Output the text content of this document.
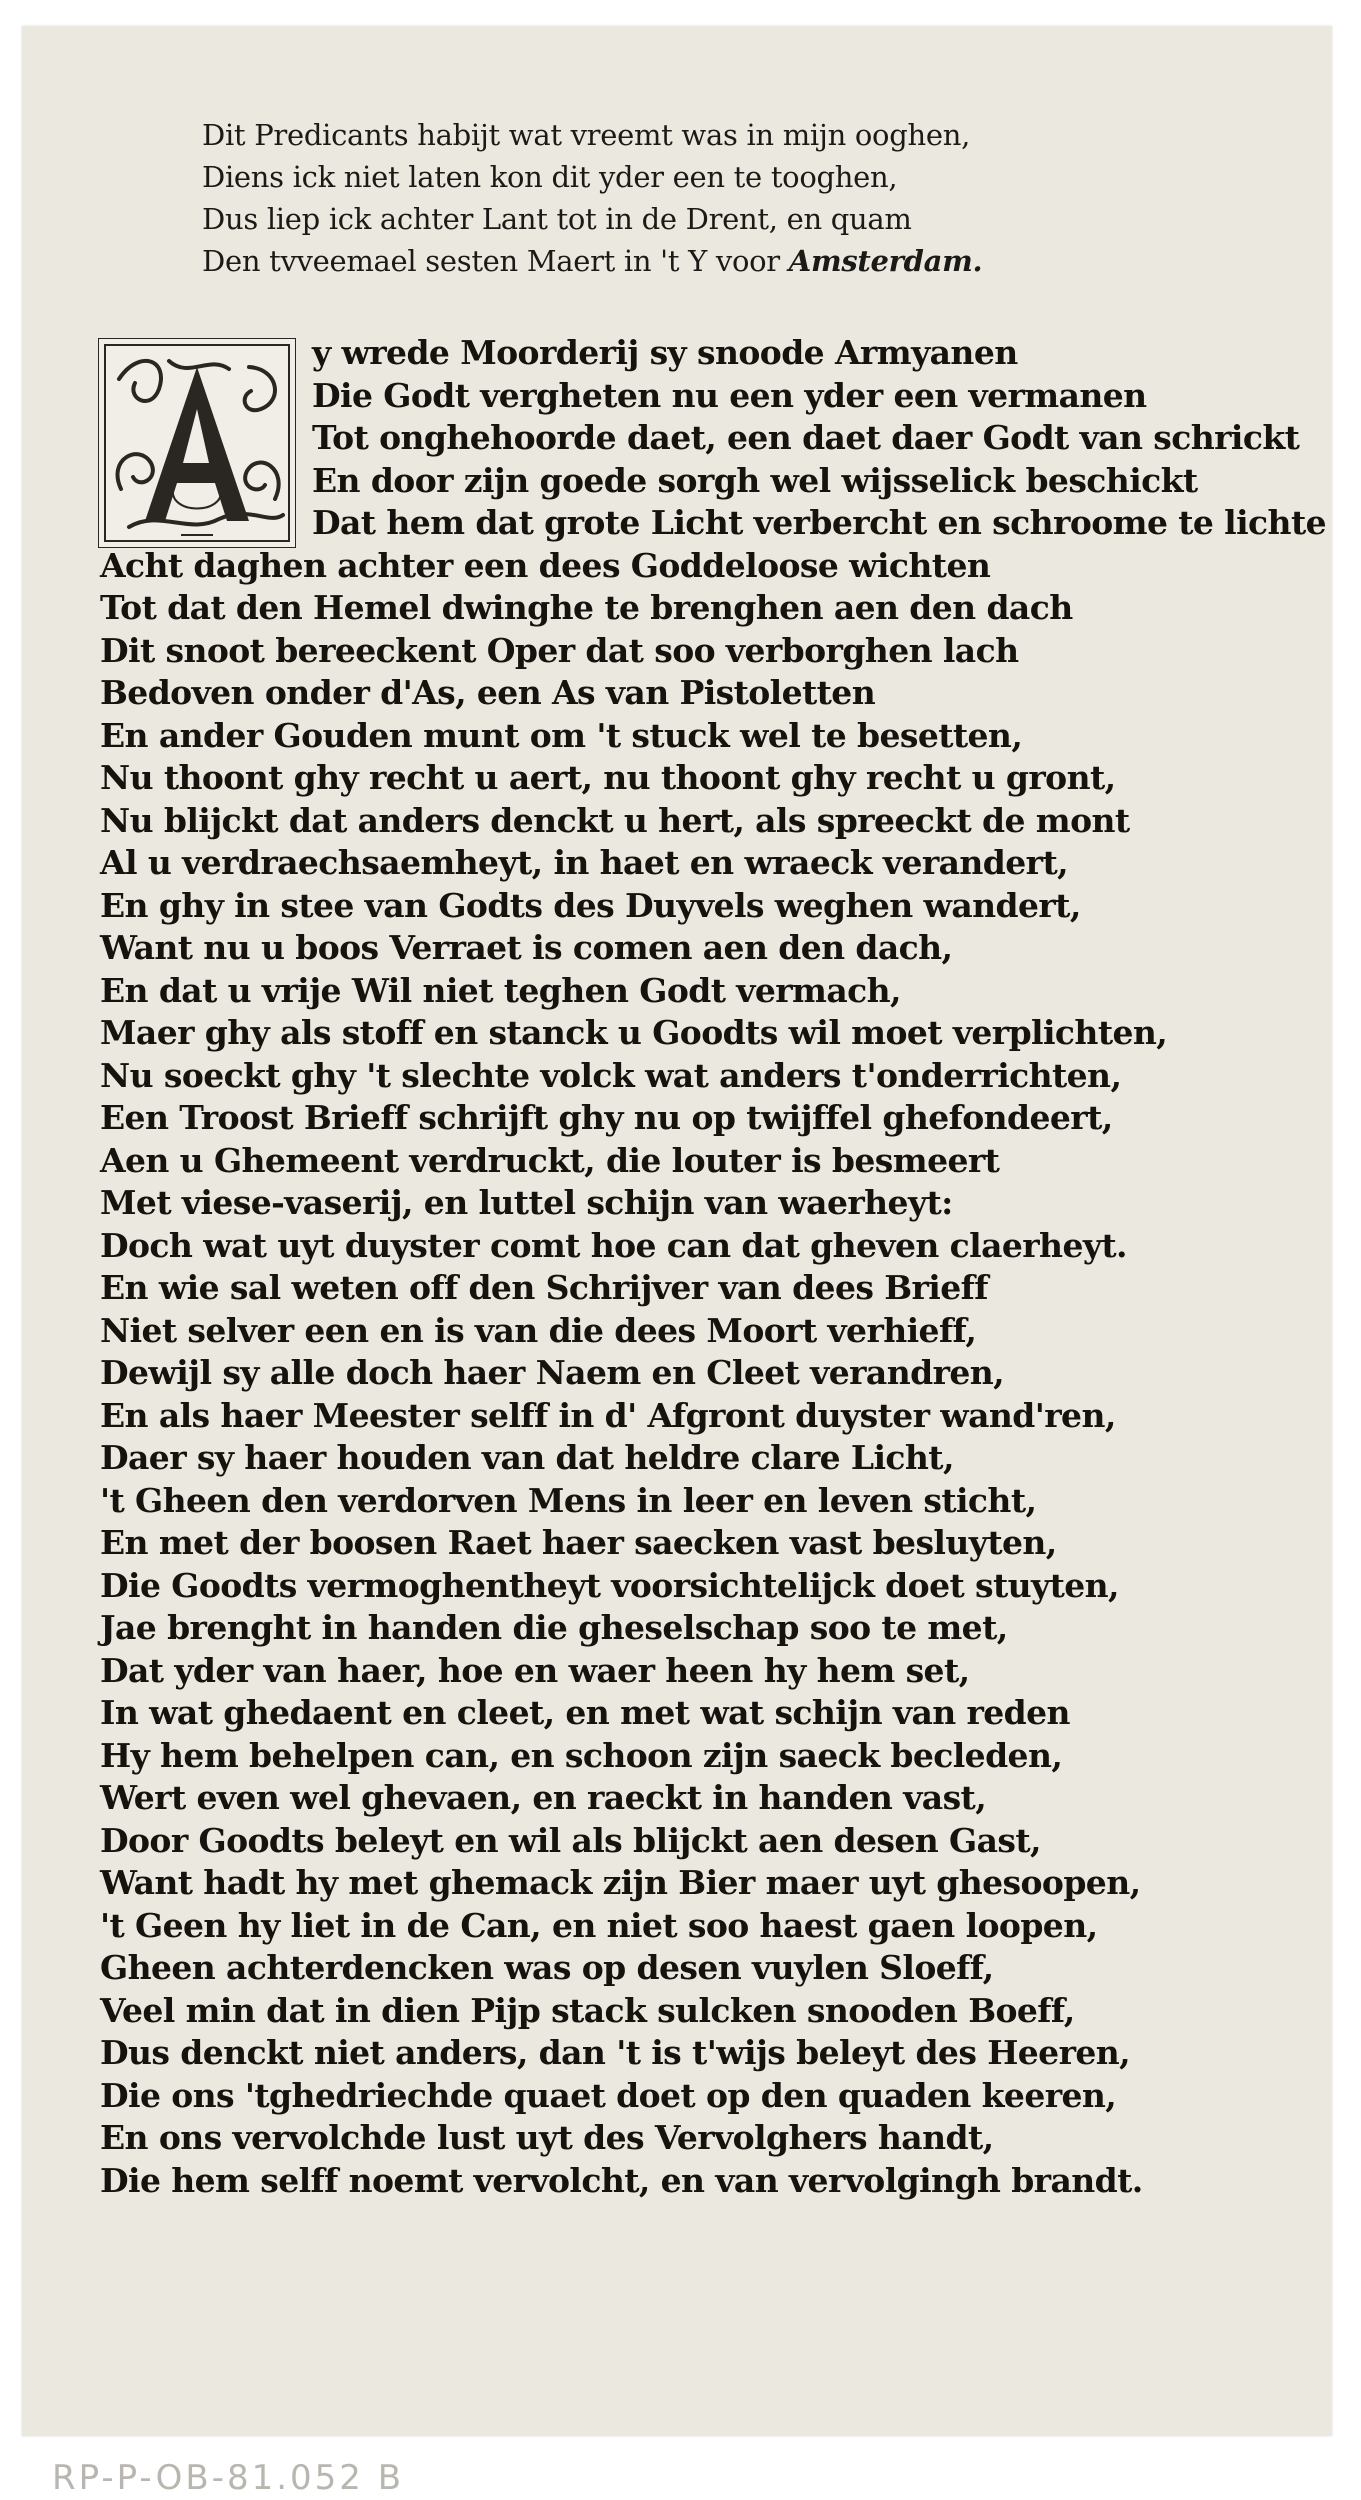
Dit Predicants habijt wat vreemt was in mijn ooghen,
Diens ick niet laten kon dit yder een te tooghen,
Dus liep ick achter Lant tot in de Drent, en quam
Den tvveemael sesten Maert in 't Y voor Amsterdam.
y wrede Moorderij sy snoode Armyanen
Die Godt vergheten nu een yder een vermanen
Tot onghehoorde daet, een daet daer Godt van schrickt
En door zijn goede sorgh wel wijsselick beschickt
Dat hem dat grote Licht verbercht en schroome te lichte
Acht daghen achter een dees Goddeloose wichten
Tot dat den Hemel dwinghe te brenghen aen den dach
Dit snoot bereeckent Oper dat soo verborghen lach
Bedoven onder d'As, een As van Pistoletten
En ander Gouden munt om 't stuck wel te besetten,
Nu thoont ghy recht u aert, nu thoont ghy recht u gront,
Nu blijckt dat anders denckt u hert, als spreeckt de mont
Al u verdraechsaemheyt, in haet en wraeck verandert,
En ghy in stee van Godts des Duyvels weghen wandert,
Want nu u boos Verraet is comen aen den dach,
En dat u vrije Wil niet teghen Godt vermach,
Maer ghy als stoff en stanck u Goodts wil moet verplichten,
Nu soeckt ghy 't slechte volck wat anders t'onderrichten,
Een Troost Brieff schrijft ghy nu op twijffel ghefondeert,
Aen u Ghemeent verdruckt, die louter is besmeert
Met viese-vaserij, en luttel schijn van waerheyt:
Doch wat uyt duyster comt hoe can dat gheven claerheyt.
En wie sal weten off den Schrijver van dees Brieff
Niet selver een en is van die dees Moort verhieff,
Dewijl sy alle doch haer Naem en Cleet verandren,
En als haer Meester selff in d' Afgront duyster wand'ren,
Daer sy haer houden van dat heldre clare Licht,
't Gheen den verdorven Mens in leer en leven sticht,
En met der boosen Raet haer saecken vast besluyten,
Die Goodts vermoghentheyt voorsichtelijck doet stuyten,
Jae brenght in handen die gheselschap soo te met,
Dat yder van haer, hoe en waer heen hy hem set,
In wat ghedaent en cleet, en met wat schijn van reden
Hy hem behelpen can, en schoon zijn saeck becleden,
Wert even wel ghevaen, en raeckt in handen vast,
Door Goodts beleyt en wil als blijckt aen desen Gast,
Want hadt hy met ghemack zijn Bier maer uyt ghesoopen,
't Geen hy liet in de Can, en niet soo haest gaen loopen,
Gheen achterdencken was op desen vuylen Sloeff,
Veel min dat in dien Pijp stack sulcken snooden Boeff,
Dus denckt niet anders, dan 't is t'wijs beleyt des Heeren,
Die ons 'tghedriechde quaet doet op den quaden keeren,
En ons vervolchde lust uyt des Vervolghers handt,
Die hem selff noemt vervolcht, en van vervolgingh brandt.
RP-P-OB-81.052 B
